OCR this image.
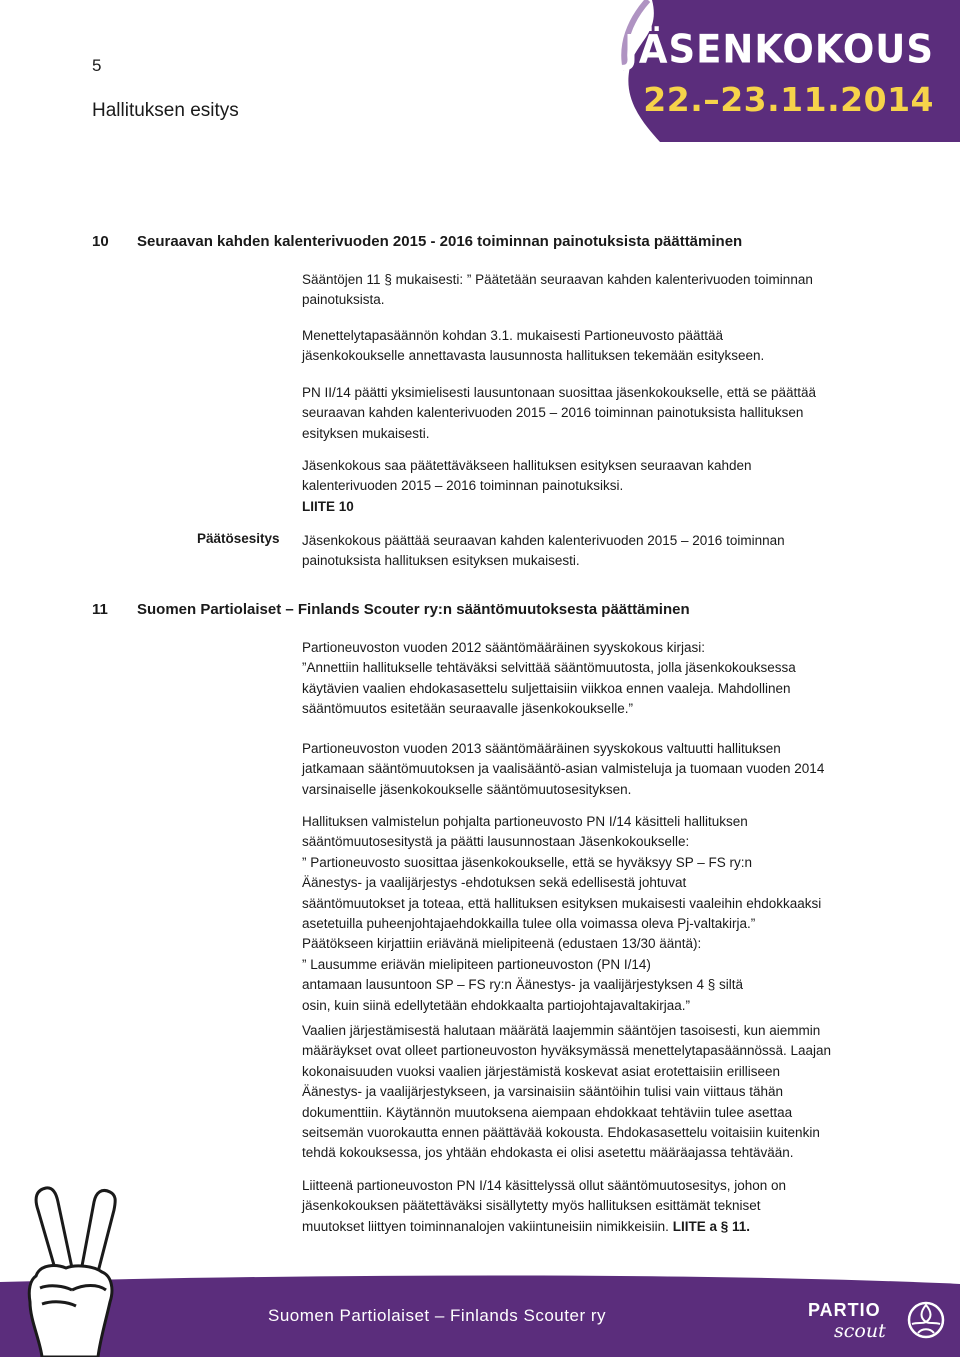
5
Hallituksen esitys
JÄSENKOKOUS
22.–23.11.2014
10 Seuraavan kahden kalenterivuoden 2015 - 2016 toiminnan painotuksista päättäminen

Sääntöjen 11 § mukaisesti: ” Päätetään seuraavan kahden kalenterivuoden toiminnan
painotuksista.

Menettelytapasäännön kohdan 3.1. mukaisesti Partioneuvosto päättää
jäsenkokoukselle annettavasta lausunnosta hallituksen tekemään esitykseen.

PN II/14 päätti yksimielisesti lausuntonaan suosittaa jäsenkokoukselle, että se päättää
seuraavan kahden kalenterivuoden 2015 – 2016 toiminnan painotuksista hallituksen
esityksen mukaisesti.

Jäsenkokous saa päätettäväkseen hallituksen esityksen seuraavan kahden
kalenterivuoden 2015 – 2016 toiminnan painotuksiksi.

LIITE 10

Päätösesitys Jäsenkokous päättää seuraavan kahden kalenterivuoden 2015 – 2016 toiminnan
painotuksista hallituksen esityksen mukaisesti.

11 Suomen Partiolaiset – Finlands Scouter ry:n sääntömuutoksesta päättäminen

Partioneuvoston vuoden 2012 sääntömääräinen syyskokous kirjasi:
”Annettiin hallitukselle tehtäväksi selvittää sääntömuutosta, jolla jäsenkokouksessa
käytävien vaalien ehdokasasettelu suljettaisiin viikkoa ennen vaaleja. Mahdollinen
sääntömuutos esitetään seuraavalle jäsenkokoukselle.”

Partioneuvoston vuoden 2013 sääntömääräinen syyskokous valtuutti hallituksen
jatkamaan sääntömuutoksen ja vaalisääntö-asian valmisteluja ja tuomaan vuoden 2014
varsinaiselle jäsenkokoukselle sääntömuutosesityksen.

Hallituksen valmistelun pohjalta partioneuvosto PN I/14 käsitteli hallituksen
sääntömuutosesitystä ja päätti lausunnostaan Jäsenkokoukselle:
” Partioneuvosto suosittaa jäsenkokoukselle, että se hyväksyy SP – FS ry:n
Äänestys- ja vaalijärjestys -ehdotuksen sekä edellisestä johtuvat
sääntömuutokset ja toteaa, että hallituksen esityksen mukaisesti vaaleihin ehdokkaaksi
asetetuilla puheenjohtajaehdokkailla tulee olla voimassa oleva Pj-valtakirja.”
Päätökseen kirjattiin eriävänä mielipiteenä (edustaen 13/30 ääntä):
” Lausumme eriävän mielipiteen partioneuvoston (PN I/14)
antamaan lausuntoon SP – FS ry:n Äänestys- ja vaalijärjestyksen 4 § siltä
osin, kuin siinä edellytetään ehdokkaalta partiojohtajavaltakirjaa.”

Vaalien järjestämisestä halutaan määrätä laajemmin sääntöjen tasoisesti, kun aiemmin
määräykset ovat olleet partioneuvoston hyväksymässä menettelytapasäännössä. Laajan
kokonaisuuden vuoksi vaalien järjestämistä koskevat asiat erotettaisiin erilliseen
Äänestys- ja vaalijärjestykseen, ja varsinaisiin sääntöihin tulisi vain viittaus tähän
dokumenttiin. Käytännön muutoksena aiempaan ehdokkaat tehtäviin tulee asettaa
seitsemän vuorokautta ennen päättävää kokousta. Ehdokasasettelu voitaisiin kuitenkin
tehdä kokouksessa, jos yhtään ehdokasta ei olisi asetettu määräajassa tehtävään.

Liitteenä partioneuvoston PN I/14 käsittelyssä ollut sääntömuutosesitys, johon on
jäsenkokouksen päätettäväksi sisällytetty myös hallituksen esittämät tekniset
muutokset liittyen toiminnanalojen vakiintuneisiin nimikkeisiin. LIITE a § 11.
Suomen Partiolaiset – Finlands Scouter ry	PARTIO
scout
